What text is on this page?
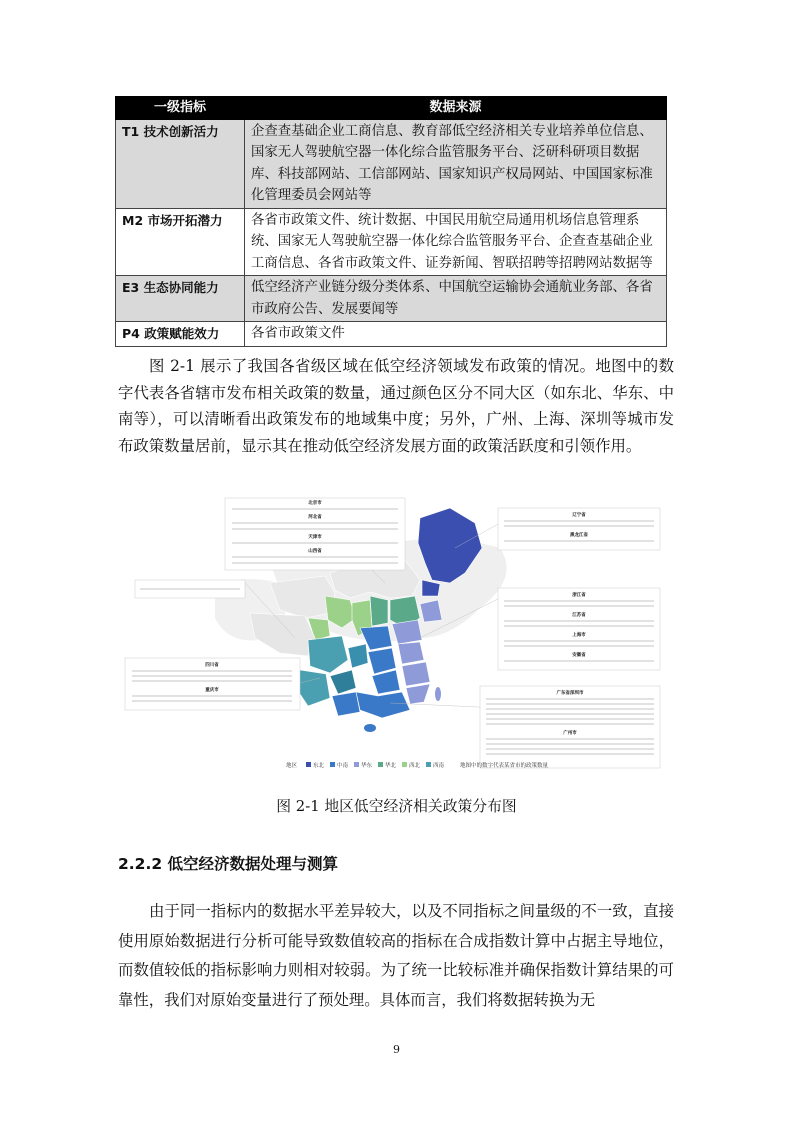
一级指标	数据来源
T1 技术创新活力	企查查基础企业工商信息、教育部低空经济相关专业培养单位信息、国家无人驾驶航空器一体化综合监管服务平台、泛研科研项目数据库、科技部网站、工信部网站、国家知识产权局网站、中国国家标准化管理委员会网站等
M2 市场开拓潜力	各省市政策文件、统计数据、中国民用航空局通用机场信息管理系统、国家无人驾驶航空器一体化综合监管服务平台、企查查基础企业工商信息、各省市政策文件、证券新闻、智联招聘等招聘网站数据等
E3 生态协同能力	低空经济产业链分级分类体系、中国航空运输协会通航业务部、各省市政府公告、发展要闻等
P4 政策赋能效力	各省市政策文件

图 2-1 展示了我国各省级区域在低空经济领域发布政策的情况。地图中的数字代表各省辖市发布相关政策的数量，通过颜色区分不同大区（如东北、华东、中南等），可以清晰看出政策发布的地域集中度；另外，广州、上海、深圳等城市发布政策数量居前，显示其在推动低空经济发展方面的政策活跃度和引领作用。

北京市
河北省
天津市
山西省
辽宁省
黑龙江省
浙江省
江苏省
上海市
安徽省
四川省
重庆市
广东省深圳市
广州市
地区	东北 中南 华东 华北 西北 西南	地图中的数字代表某省市的政策数量
图 2-1 地区低空经济相关政策分布图
2.2.2 低空经济数据处理与测算

由于同一指标内的数据水平差异较大，以及不同指标之间量级的不一致，直接使用原始数据进行分析可能导致数值较高的指标在合成指数计算中占据主导地位，而数值较低的指标影响力则相对较弱。为了统一比较标准并确保指数计算结果的可靠性，我们对原始变量进行了预处理。具体而言，我们将数据转换为无

9
